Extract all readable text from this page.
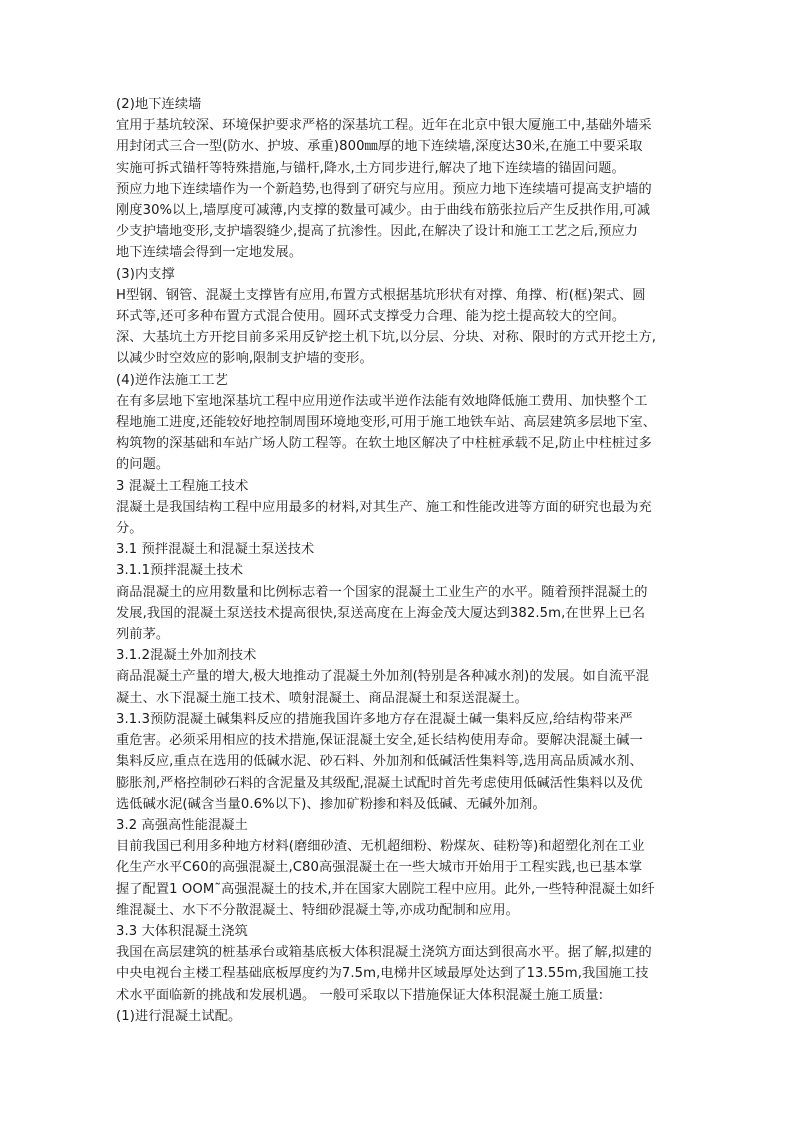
(2)地下连续墙
宜用于基坑较深、环境保护要求严格的深基坑工程。近年在北京中银大厦施工中,基础外墙采
用封闭式三合一型(防水、护坡、承重)800㎜厚的地下连续墙,深度达30米,在施工中要采取
实施可拆式锚杆等特殊措施,与锚杆,降水,土方同步进行,解决了地下连续墙的锚固问题。
预应力地下连续墙作为一个新趋势,也得到了研究与应用。预应力地下连续墙可提高支护墙的
刚度30%以上,墙厚度可减薄,内支撑的数量可减少。由于曲线布筋张拉后产生反拱作用,可减
少支护墙地变形,支护墙裂缝少,提高了抗渗性。因此,在解决了设计和施工工艺之后,预应力
地下连续墙会得到一定地发展。
(3)内支撑
H型钢、钢管、混凝土支撑皆有应用,布置方式根据基坑形状有对撑、角撑、桁(框)架式、圆
环式等,还可多种布置方式混合使用。圆环式支撑受力合理、能为挖土提高较大的空间。
深、大基坑土方开挖目前多采用反铲挖土机下坑,以分层、分块、对称、限时的方式开挖土方,
以减少时空效应的影响,限制支护墙的变形。
(4)逆作法施工工艺
在有多层地下室地深基坑工程中应用逆作法或半逆作法能有效地降低施工费用、加快整个工
程地施工进度,还能较好地控制周围环境地变形,可用于施工地铁车站、高层建筑多层地下室、
构筑物的深基础和车站广场人防工程等。在软土地区解决了中柱桩承载不足,防止中柱桩过多
的问题。
3 混凝土工程施工技术
混凝土是我国结构工程中应用最多的材料,对其生产、施工和性能改进等方面的研究也最为充
分。
3.1 预拌混凝土和混凝土泵送技术
3.1.1预拌混凝土技术
商品混凝土的应用数量和比例标志着一个国家的混凝土工业生产的水平。随着预拌混凝土的
发展,我国的混凝土泵送技术提高很快,泵送高度在上海金茂大厦达到382.5m,在世界上已名
列前茅。
3.1.2混凝土外加剂技术
商品混凝土产量的增大,极大地推动了混凝土外加剂(特别是各种减水剂)的发展。如自流平混
凝土、水下混凝土施工技术、喷射混凝土、商品混凝土和泵送混凝土。
3.1.3预防混凝土碱集料反应的措施我国许多地方存在混凝土碱一集料反应,给结构带来严
重危害。必须采用相应的技术措施,保证混凝土安全,延长结构使用寿命。要解决混凝土碱一
集料反应,重点在选用的低碱水泥、砂石料、外加剂和低碱活性集料等,选用高品质减水剂、
膨胀剂,严格控制砂石料的含泥量及其级配,混凝土试配时首先考虑使用低碱活性集料以及优
选低碱水泥(碱含当量0.6%以下)、掺加矿粉掺和料及低碱、无碱外加剂。
3.2 高强高性能混凝土
目前我国已利用多种地方材料(磨细砂渣、无机超细粉、粉煤灰、硅粉等)和超塑化剂在工业
化生产水平C60的高强混凝土,C80高强混凝土在一些大城市开始用于工程实践,也已基本掌
握了配置1 OOM˜高强混凝土的技术,并在国家大剧院工程中应用。此外,一些特种混凝土如纤
维混凝土、水下不分散混凝土、特细砂混凝土等,亦成功配制和应用。
3.3 大体积混凝土浇筑
我国在高层建筑的桩基承台或箱基底板大体积混凝土浇筑方面达到很高水平。据了解,拟建的
中央电视台主楼工程基础底板厚度约为7.5m,电梯井区域最厚处达到了13.55m,我国施工技
术水平面临新的挑战和发展机遇。 一般可采取以下措施保证大体积混凝土施工质量:
(1)进行混凝土试配。
